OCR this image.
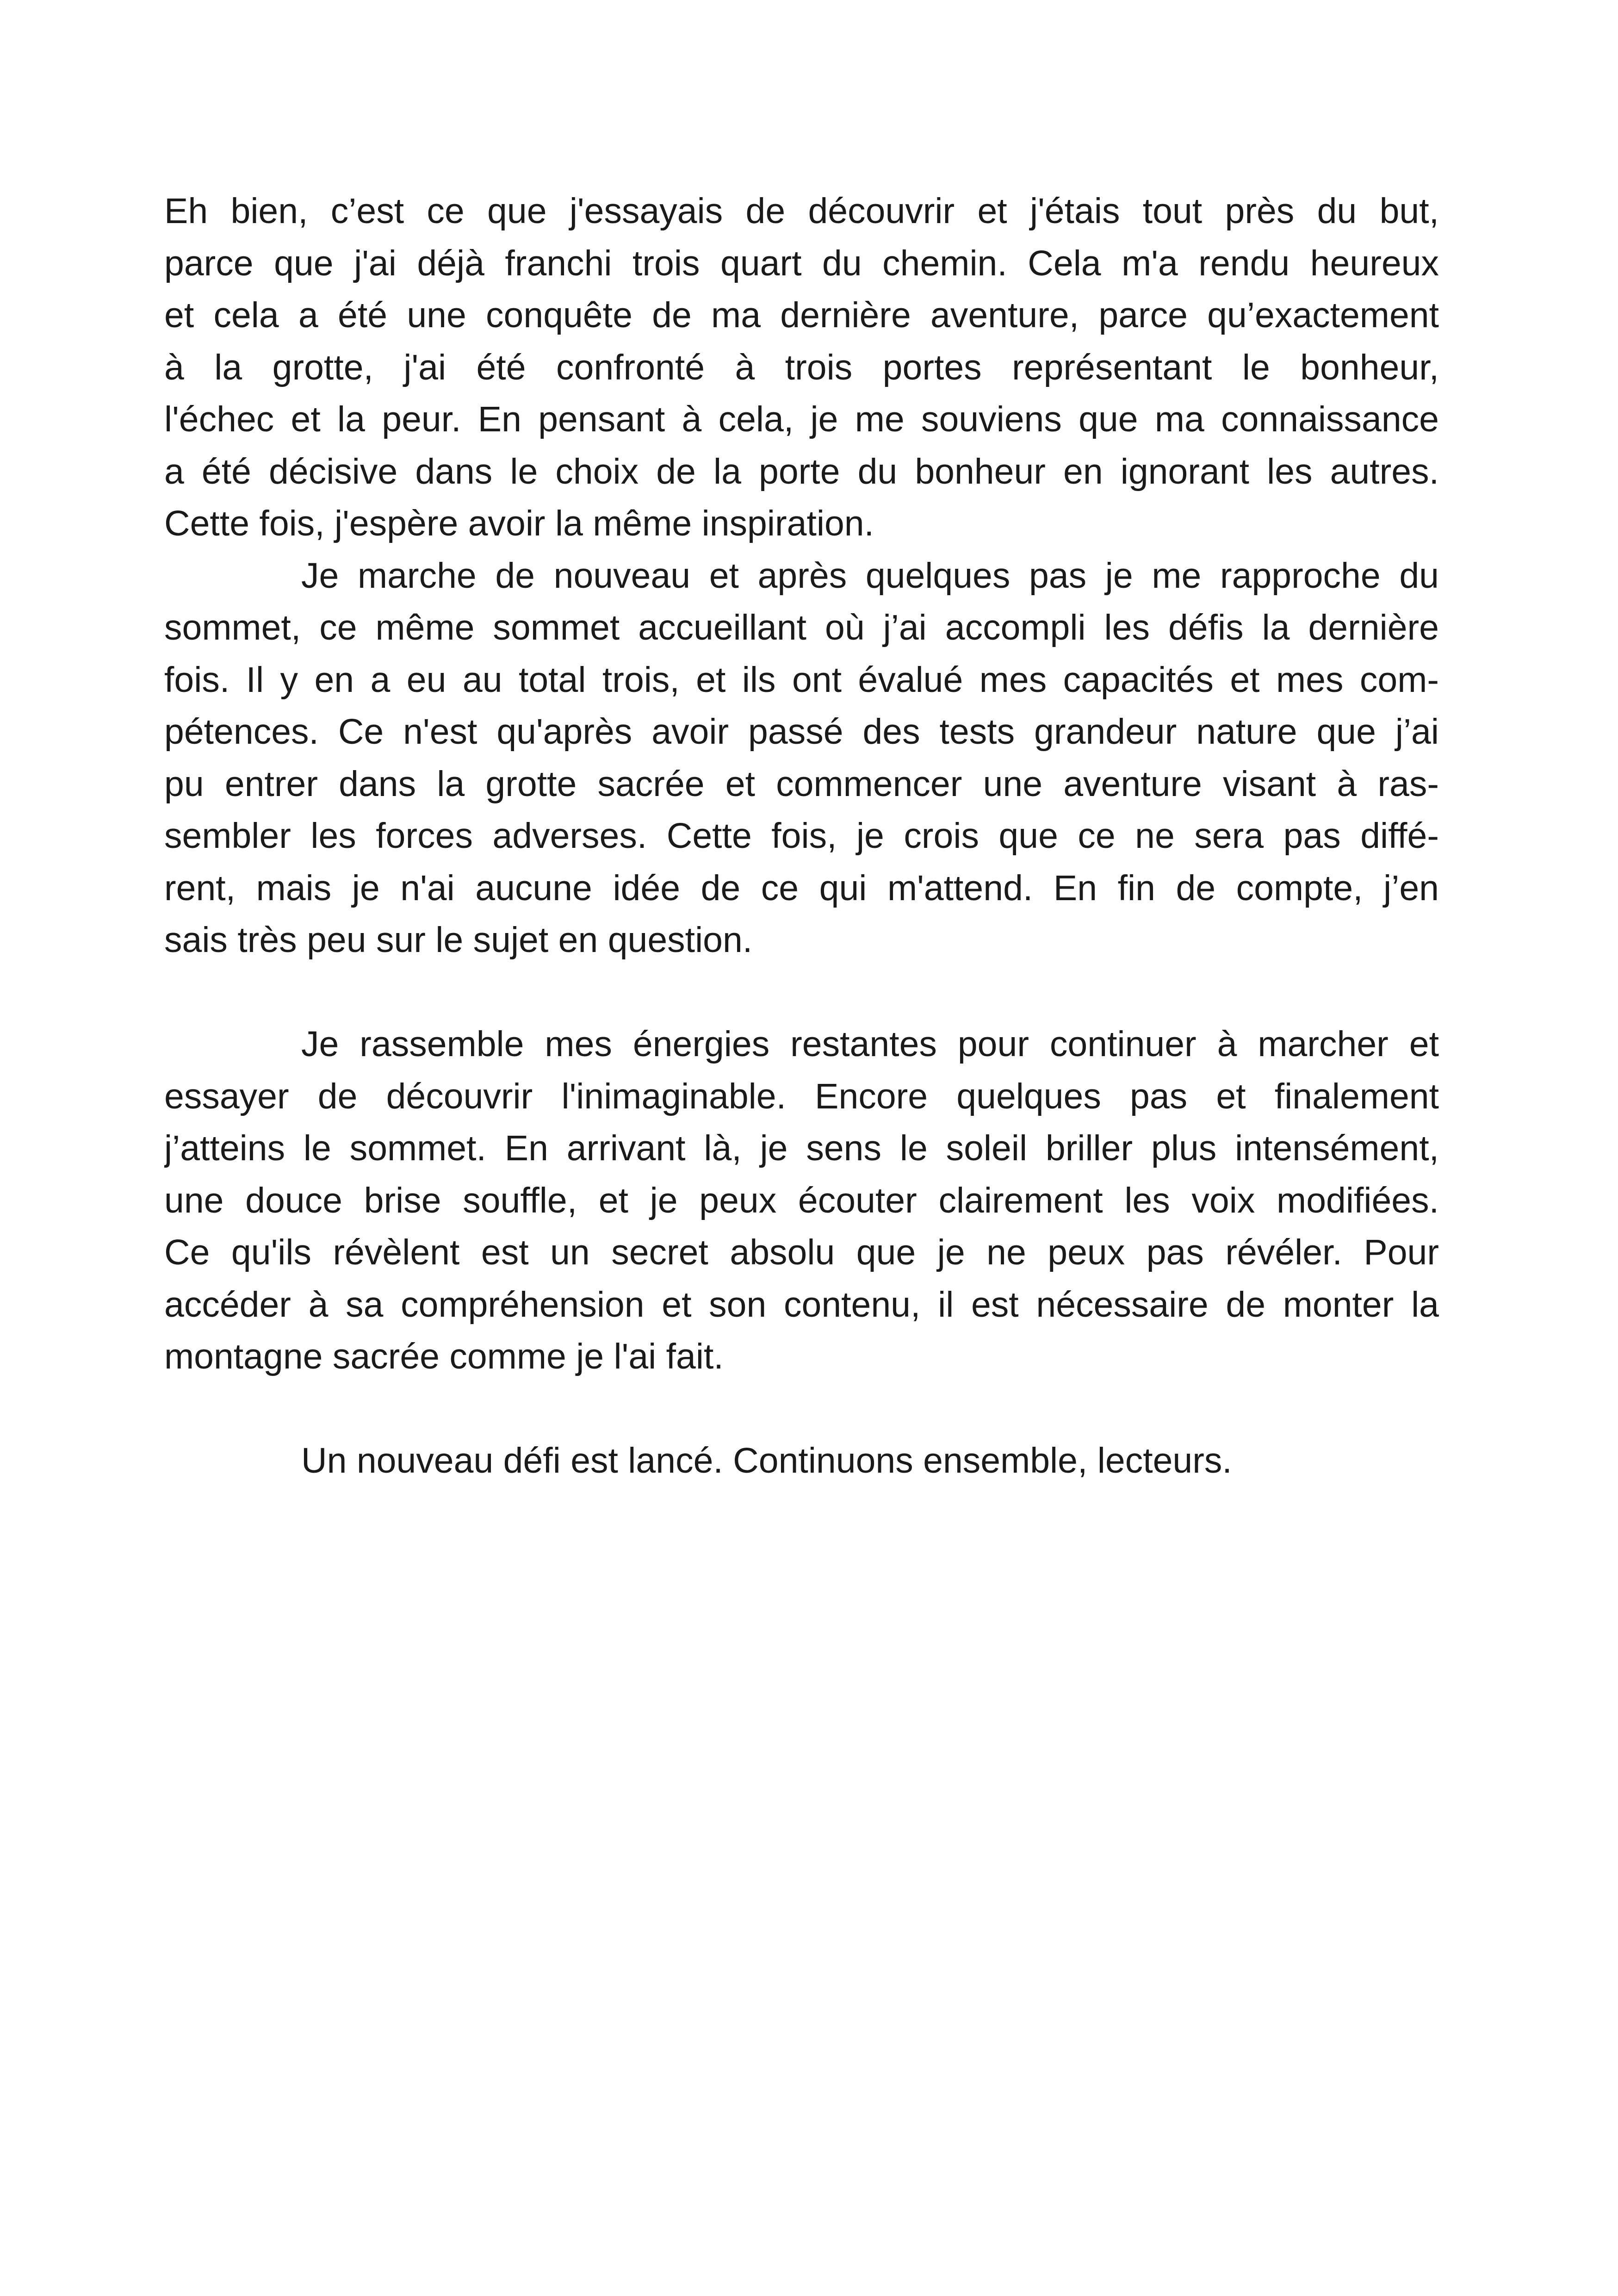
Eh bien, c’est ce que j'essayais de découvrir et j'étais tout près du but,
parce que j'ai déjà franchi trois quart du chemin. Cela m'a rendu heureux
et cela a été une conquête de ma dernière aventure, parce qu’exactement
à la grotte, j'ai été confronté à trois portes représentant le bonheur,
l'échec et la peur. En pensant à cela, je me souviens que ma connaissance
a été décisive dans le choix de la porte du bonheur en ignorant les autres.
Cette fois, j'espère avoir la même inspiration.
Je marche de nouveau et après quelques pas je me rapproche du
sommet, ce même sommet accueillant où j’ai accompli les défis la dernière
fois. Il y en a eu au total trois, et ils ont évalué mes capacités et mes com-
pétences. Ce n'est qu'après avoir passé des tests grandeur nature que j’ai
pu entrer dans la grotte sacrée et commencer une aventure visant à ras-
sembler les forces adverses. Cette fois, je crois que ce ne sera pas diffé-
rent, mais je n'ai aucune idée de ce qui m'attend. En fin de compte, j’en
sais très peu sur le sujet en question.
Je rassemble mes énergies restantes pour continuer à marcher et
essayer de découvrir l'inimaginable. Encore quelques pas et finalement
j’atteins le sommet. En arrivant là, je sens le soleil briller plus intensément,
une douce brise souffle, et je peux écouter clairement les voix modifiées.
Ce qu'ils révèlent est un secret absolu que je ne peux pas révéler. Pour
accéder à sa compréhension et son contenu, il est nécessaire de monter la
montagne sacrée comme je l'ai fait.
Un nouveau défi est lancé. Continuons ensemble, lecteurs.
